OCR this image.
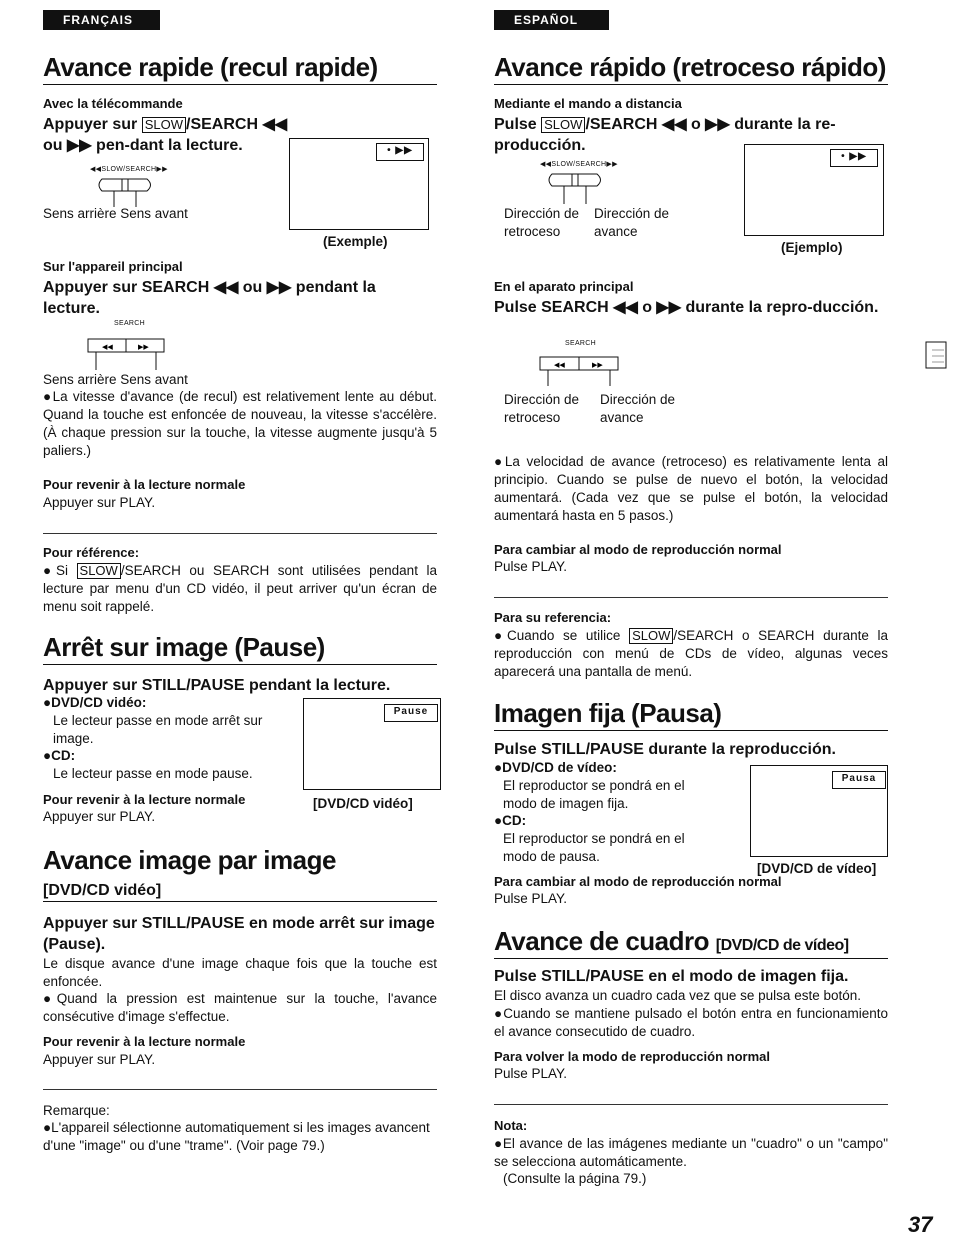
FRANÇAIS
Avance rapide (recul rapide)
Avec la télécommande
Appuyer sur SLOW /SEARCH ◀◀ ou ▶▶ pen-dant la lecture.
◀◀SLOW/SEARCH▶▶
Sens arrière Sens avant
• ▶▶
(Exemple)
Sur l'appareil principal
Appuyer sur SEARCH ◀◀ ou ▶▶ pendant la lecture.
SEARCH
◀◀	▶▶
Sens arrière Sens avant
●La vitesse d'avance (de recul) est relativement lente au début. Quand la touche est enfoncée de nouveau, la vitesse s'accélère. (À chaque pression sur la touche, la vitesse augmente jusqu'à 5 paliers.)
Pour revenir à la lecture normale
Appuyer sur PLAY.
Pour référence:
●Si SLOW /SEARCH ou SEARCH sont utilisées pendant la lecture par menu d'un CD vidéo, il peut arriver qu'un écran de menu soit rappelé.
Arrêt sur image (Pause)
Appuyer sur STILL/PAUSE pendant la lecture.
●DVD/CD vidéo:
Le lecteur passe en mode arrêt sur image.
●CD:
Le lecteur passe en mode pause.
Pause
[DVD/CD vidéo]
Pour revenir à la lecture normale
Appuyer sur PLAY.
Avance image par image
[DVD/CD vidéo]
Appuyer sur STILL/PAUSE en mode arrêt sur image (Pause).
Le disque avance d'une image chaque fois que la touche est enfoncée.
●Quand la pression est maintenue sur la touche, l'avance consécutive d'image s'effectue.
Pour revenir à la lecture normale
Appuyer sur PLAY.
Remarque:
●L'appareil sélectionne automatiquement si les images avancent d'une "image" ou d'une "trame". (Voir page 79.)
ESPAÑOL
Avance rápido (retroceso rápido)
Mediante el mando a distancia
Pulse SLOW /SEARCH ◀◀ o ▶▶ durante la re-producción.
◀◀SLOW/SEARCH▶▶
Dirección de retroceso
Dirección de avance
• ▶▶
(Ejemplo)
En el aparato principal
Pulse SEARCH ◀◀ o ▶▶ durante la repro-ducción.
SEARCH
◀◀	▶▶
Dirección de retroceso
Dirección de avance
●La velocidad de avance (retroceso) es relativamente lenta al principio. Cuando se pulse de nuevo el botón, la velocidad aumentará. (Cada vez que se pulse el botón, la velocidad aumentará hasta en 5 pasos.)
Para cambiar al modo de reproducción normal
Pulse PLAY.
Para su referencia:
●Cuando se utilice SLOW /SEARCH o SEARCH durante la reproducción con menú de CDs de vídeo, algunas veces aparecerá una pantalla de menú.
Imagen fija (Pausa)
Pulse STILL/PAUSE durante la reproducción.
●DVD/CD de vídeo:
El reproductor se pondrá en el modo de imagen fija.
●CD:
El reproductor se pondrá en el modo de pausa.
Pausa
[DVD/CD de vídeo]
Para cambiar al modo de reproducción normal
Pulse PLAY.
Avance de cuadro [DVD/CD de vídeo]
Pulse STILL/PAUSE en el modo de imagen fija.
El disco avanza un cuadro cada vez que se pulsa este botón.
●Cuando se mantiene pulsado el botón entra en funcionamiento el avance consecutido de cuadro.
Para volver la modo de reproducción normal
Pulse PLAY.
Nota:
●El avance de las imágenes mediante un "cuadro" o un "campo" se selecciona automáticamente.
(Consulte la página 79.)
37
